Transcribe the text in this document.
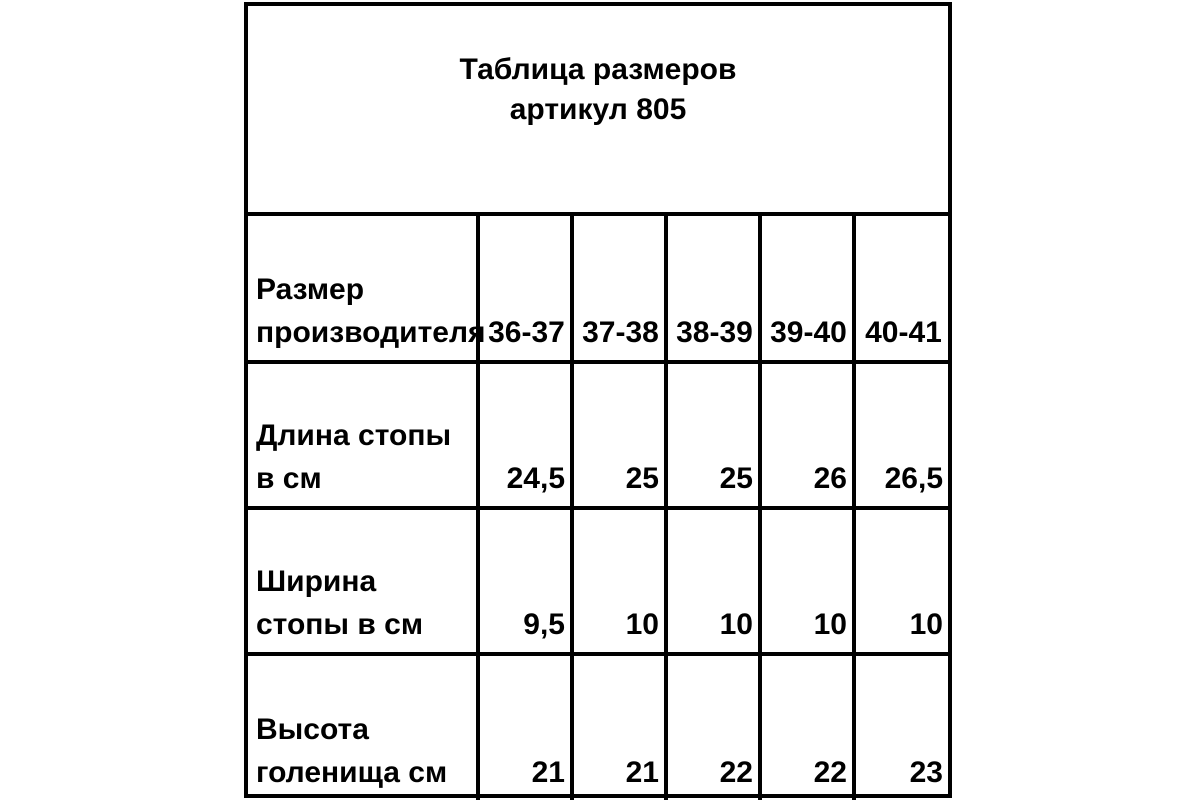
Таблица размеров
артикул 805
Размер производителя	36-37	37-38	38-39	39-40	40-41
Длина стопы в см	24,5	25	25	26	26,5
Ширина стопы в см	9,5	10	10	10	10
Высота голенища см	21	21	22	22	23
